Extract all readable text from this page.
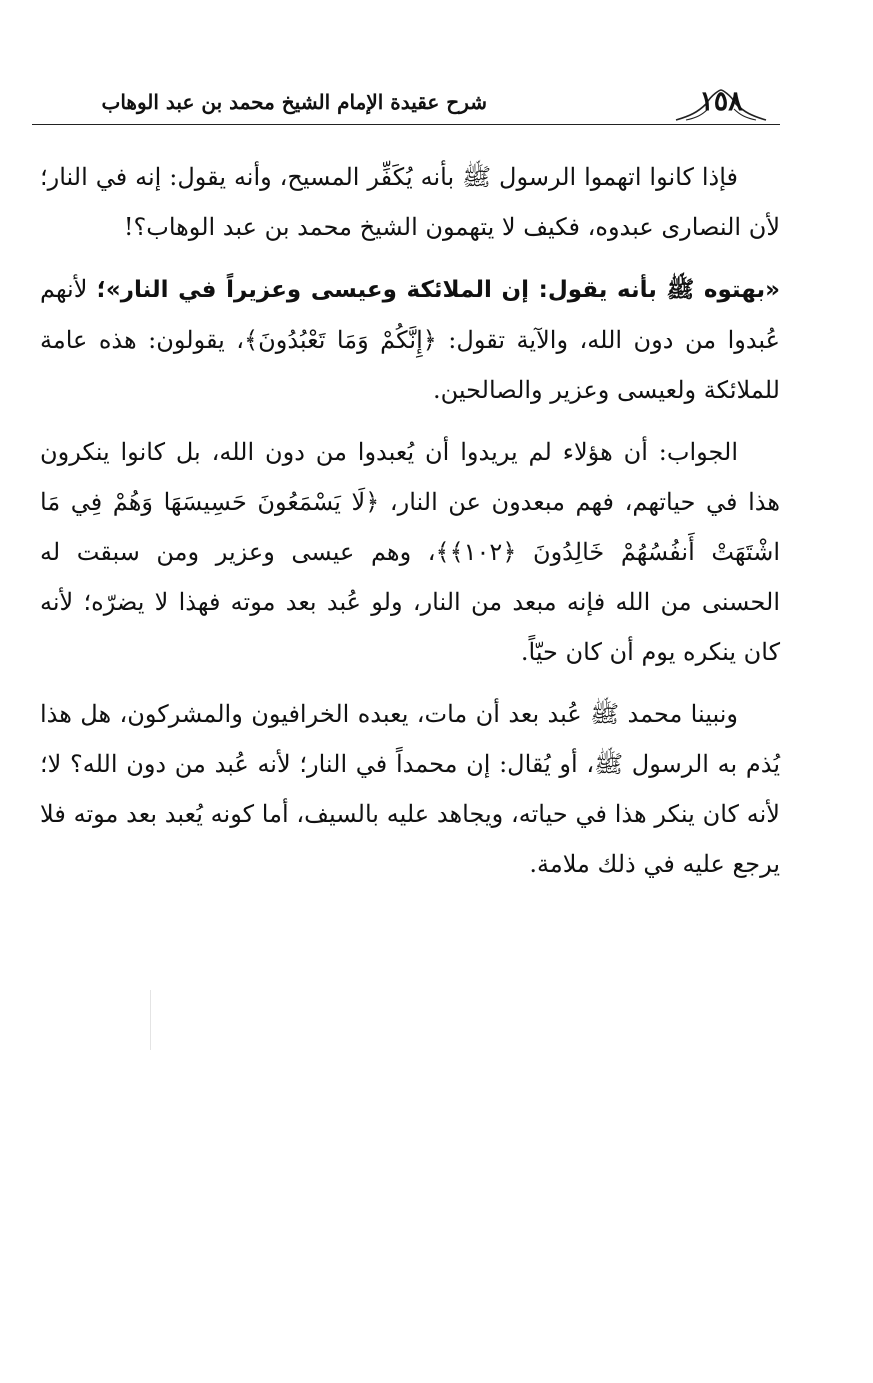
١٥٨
شرح عقيدة الإمام الشيخ محمد بن عبد الوهاب

فإذا كانوا اتهموا الرسول ﷺ بأنه يُكَفِّر المسيح، وأنه يقول: إنه في النار؛ لأن النصارى عبدوه، فكيف لا يتهمون الشيخ محمد بن عبد الوهاب؟!

«بهتوه ﷺ بأنه يقول: إن الملائكة وعيسى وعزيراً في النار»؛ لأنهم عُبدوا من دون الله، والآية تقول: ﴿إِنَّكُمْ وَمَا تَعْبُدُونَ﴾، يقولون: هذه عامة للملائكة ولعيسى وعزير والصالحين.

الجواب: أن هؤلاء لم يريدوا أن يُعبدوا من دون الله، بل كانوا ينكرون هذا في حياتهم، فهم مبعدون عن النار، ﴿لَا يَسْمَعُونَ حَسِيسَهَا وَهُمْ فِي مَا اشْتَهَتْ أَنفُسُهُمْ خَالِدُونَ ﴿١٠٢﴾﴾، وهم عيسى وعزير ومن سبقت له الحسنى من الله فإنه مبعد من النار، ولو عُبد بعد موته فهذا لا يضرّه؛ لأنه كان ينكره يوم أن كان حيّاً.

ونبينا محمد ﷺ عُبد بعد أن مات، يعبده الخرافيون والمشركون، هل هذا يُذم به الرسول ﷺ، أو يُقال: إن محمداً في النار؛ لأنه عُبد من دون الله؟ لا؛ لأنه كان ينكر هذا في حياته، ويجاهد عليه بالسيف، أما كونه يُعبد بعد موته فلا يرجع عليه في ذلك ملامة.
